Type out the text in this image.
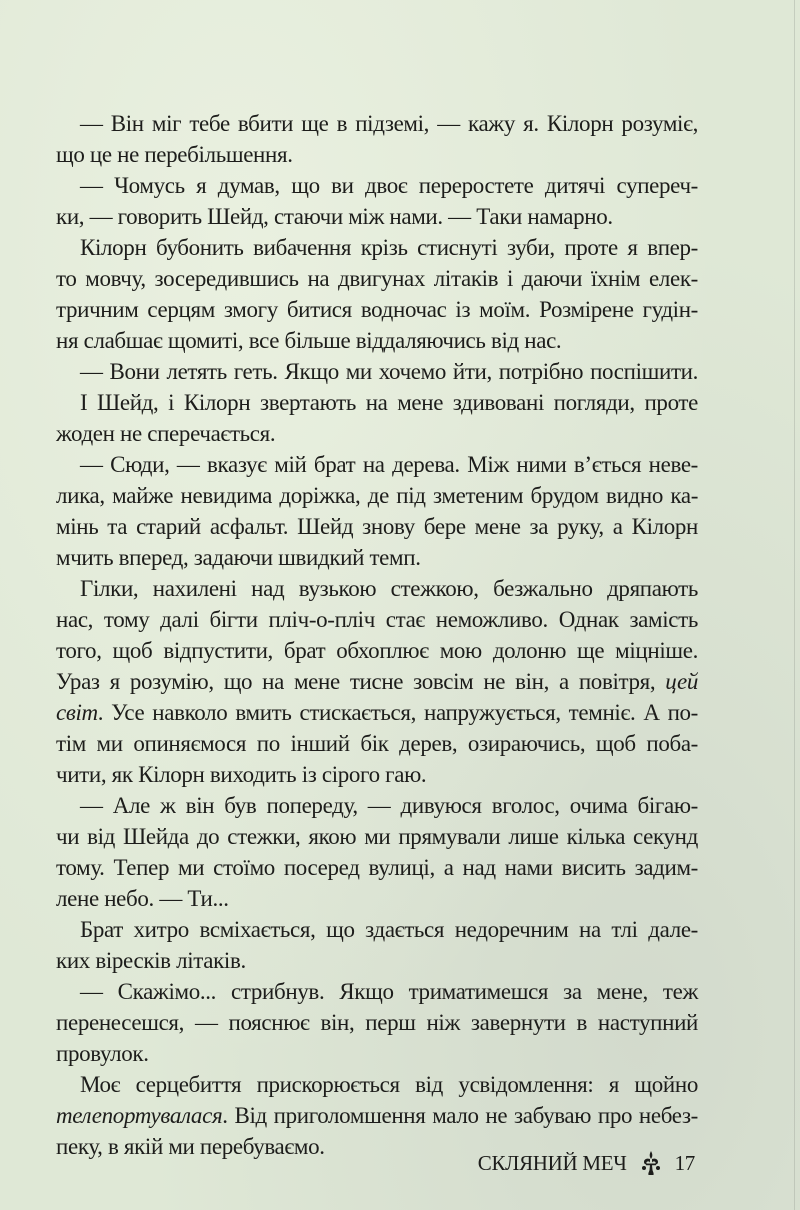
— Він міг тебе вбити ще в підземі, — кажу я. Кілорн розуміє,
що це не перебільшення.
— Чомусь я думав, що ви двоє переростете дитячі супереч-
ки, — говорить Шейд, стаючи між нами. — Таки намарно.
Кілорн бубонить вибачення крізь стиснуті зуби, проте я впер-
то мовчу, зосередившись на двигунах літаків і даючи їхнім елек-
тричним серцям змогу битися водночас із моїм. Розмірене гудін-
ня слабшає щомиті, все більше віддаляючись від нас.
— Вони летять геть. Якщо ми хочемо йти, потрібно поспішити.
І Шейд, і Кілорн звертають на мене здивовані погляди, проте
жоден не сперечається.
— Сюди, — вказує мій брат на дерева. Між ними в’ється неве-
лика, майже невидима доріжка, де під зметеним брудом видно ка-
мінь та старий асфальт. Шейд знову бере мене за руку, а Кілорн
мчить вперед, задаючи швидкий темп.
Гілки, нахилені над вузькою стежкою, безжально дряпають
нас, тому далі бігти пліч-о-пліч стає неможливо. Однак замість
того, щоб відпустити, брат обхоплює мою долоню ще міцніше.
Ураз я розумію, що на мене тисне зовсім не він, а повітря, цей
світ. Усе навколо вмить стискається, напружується, темніє. А по-
тім ми опиняємося по інший бік дерев, озираючись, щоб поба-
чити, як Кілорн виходить із сірого гаю.
— Але ж він був попереду, — дивуюся вголос, очима бігаю-
чи від Шейда до стежки, якою ми прямували лише кілька секунд
тому. Тепер ми стоїмо посеред вулиці, а над нами висить задим-
лене небо. — Ти...
Брат хитро всміхається, що здається недоречним на тлі дале-
ких віресків літаків.
— Скажімо... стрибнув. Якщо триматимешся за мене, теж
перенесешся, — пояснює він, перш ніж завернути в наступний
провулок.
Моє серцебиття прискорюється від усвідомлення: я щойно
телепортувалася. Від приголомшення мало не забуваю про небез-
пеку, в якій ми перебуваємо.
СКЛЯНИЙ МЕЧ 17
